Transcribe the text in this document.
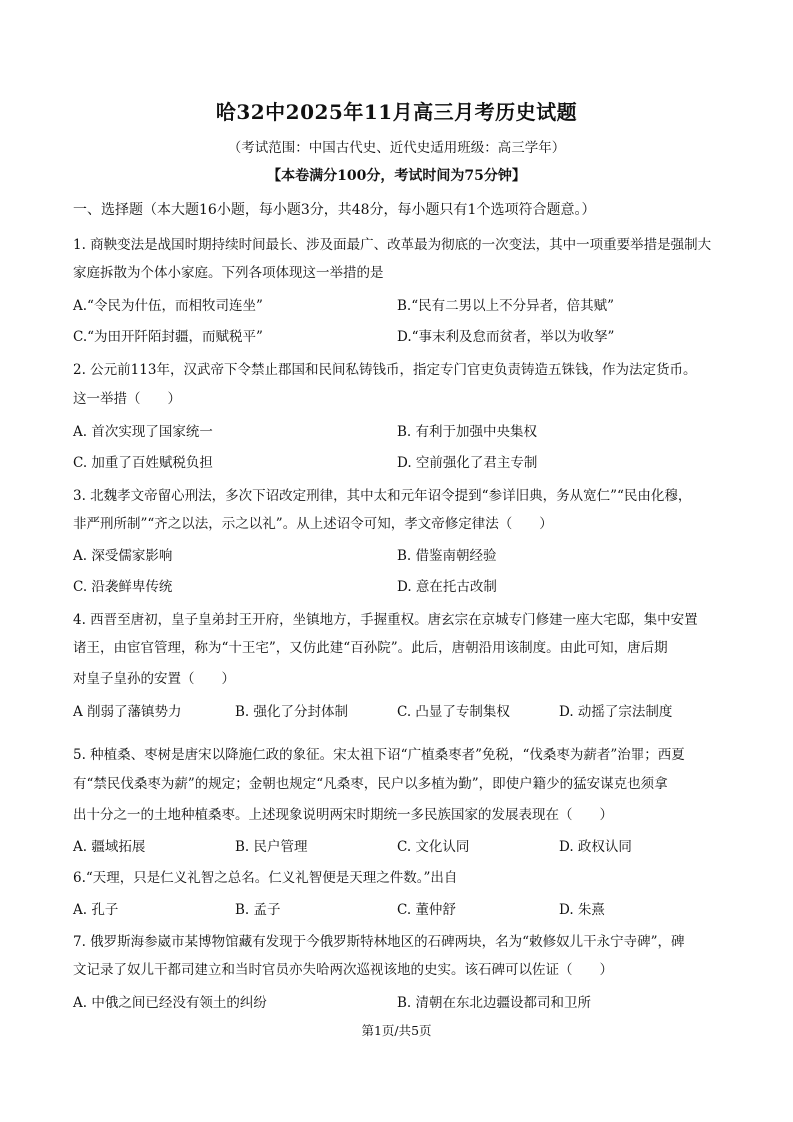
哈32中2025年11月高三月考历史试题
（考试范围：中国古代史、近代史适用班级：高三学年）
【本卷满分100分，考试时间为75分钟】
一、选择题（本大题16小题，每小题3分，共48分，每小题只有1个选项符合题意。）
1. 商鞅变法是战国时期持续时间最长、涉及面最广、改革最为彻底的一次变法，其中一项重要举措是强制大
家庭拆散为个体小家庭。下列各项体现这一举措的是
A.“令民为什伍，而相牧司连坐”	B.“民有二男以上不分异者，倍其赋”
C.“为田开阡陌封疆，而赋税平”	D.“事末利及怠而贫者，举以为收孥”
2. 公元前113年，汉武帝下令禁止郡国和民间私铸钱币，指定专门官吏负责铸造五铢钱，作为法定货币。
这一举措（　　）
A. 首次实现了国家统一	B. 有利于加强中央集权
C. 加重了百姓赋税负担	D. 空前强化了君主专制
3. 北魏孝文帝留心刑法，多次下诏改定刑律，其中太和元年诏令提到“参详旧典，务从宽仁”“民由化穆，
非严刑所制”“齐之以法，示之以礼”。从上述诏令可知，孝文帝修定律法（　　）
A. 深受儒家影响	B. 借鉴南朝经验
C. 沿袭鲜卑传统	D. 意在托古改制
4. 西晋至唐初，皇子皇弟封王开府，坐镇地方，手握重权。唐玄宗在京城专门修建一座大宅邸，集中安置
诸王，由宦官管理，称为“十王宅”，又仿此建“百孙院”。此后，唐朝沿用该制度。由此可知，唐后期
对皇子皇孙的安置（　　）
A 削弱了藩镇势力	B. 强化了分封体制	C. 凸显了专制集权	D. 动摇了宗法制度
5. 种植桑、枣树是唐宋以降施仁政的象征。宋太祖下诏“广植桑枣者”免税，“伐桑枣为薪者”治罪；西夏
有“禁民伐桑枣为薪”的规定；金朝也规定“凡桑枣，民户以多植为勤”，即使户籍少的猛安谋克也须拿
出十分之一的土地种植桑枣。上述现象说明两宋时期统一多民族国家的发展表现在（　　）
A. 疆域拓展	B. 民户管理	C. 文化认同	D. 政权认同
6.“天理，只是仁义礼智之总名。仁义礼智便是天理之件数。”出自
A. 孔子	B. 孟子	C. 董仲舒	D. 朱熹
7. 俄罗斯海参崴市某博物馆藏有发现于今俄罗斯特林地区的石碑两块，名为“敕修奴儿干永宁寺碑”，碑
文记录了奴儿干都司建立和当时官员亦失哈两次巡视该地的史实。该石碑可以佐证（　　）
A. 中俄之间已经没有领土的纠纷	B. 清朝在东北边疆设都司和卫所
第1页/共5页
